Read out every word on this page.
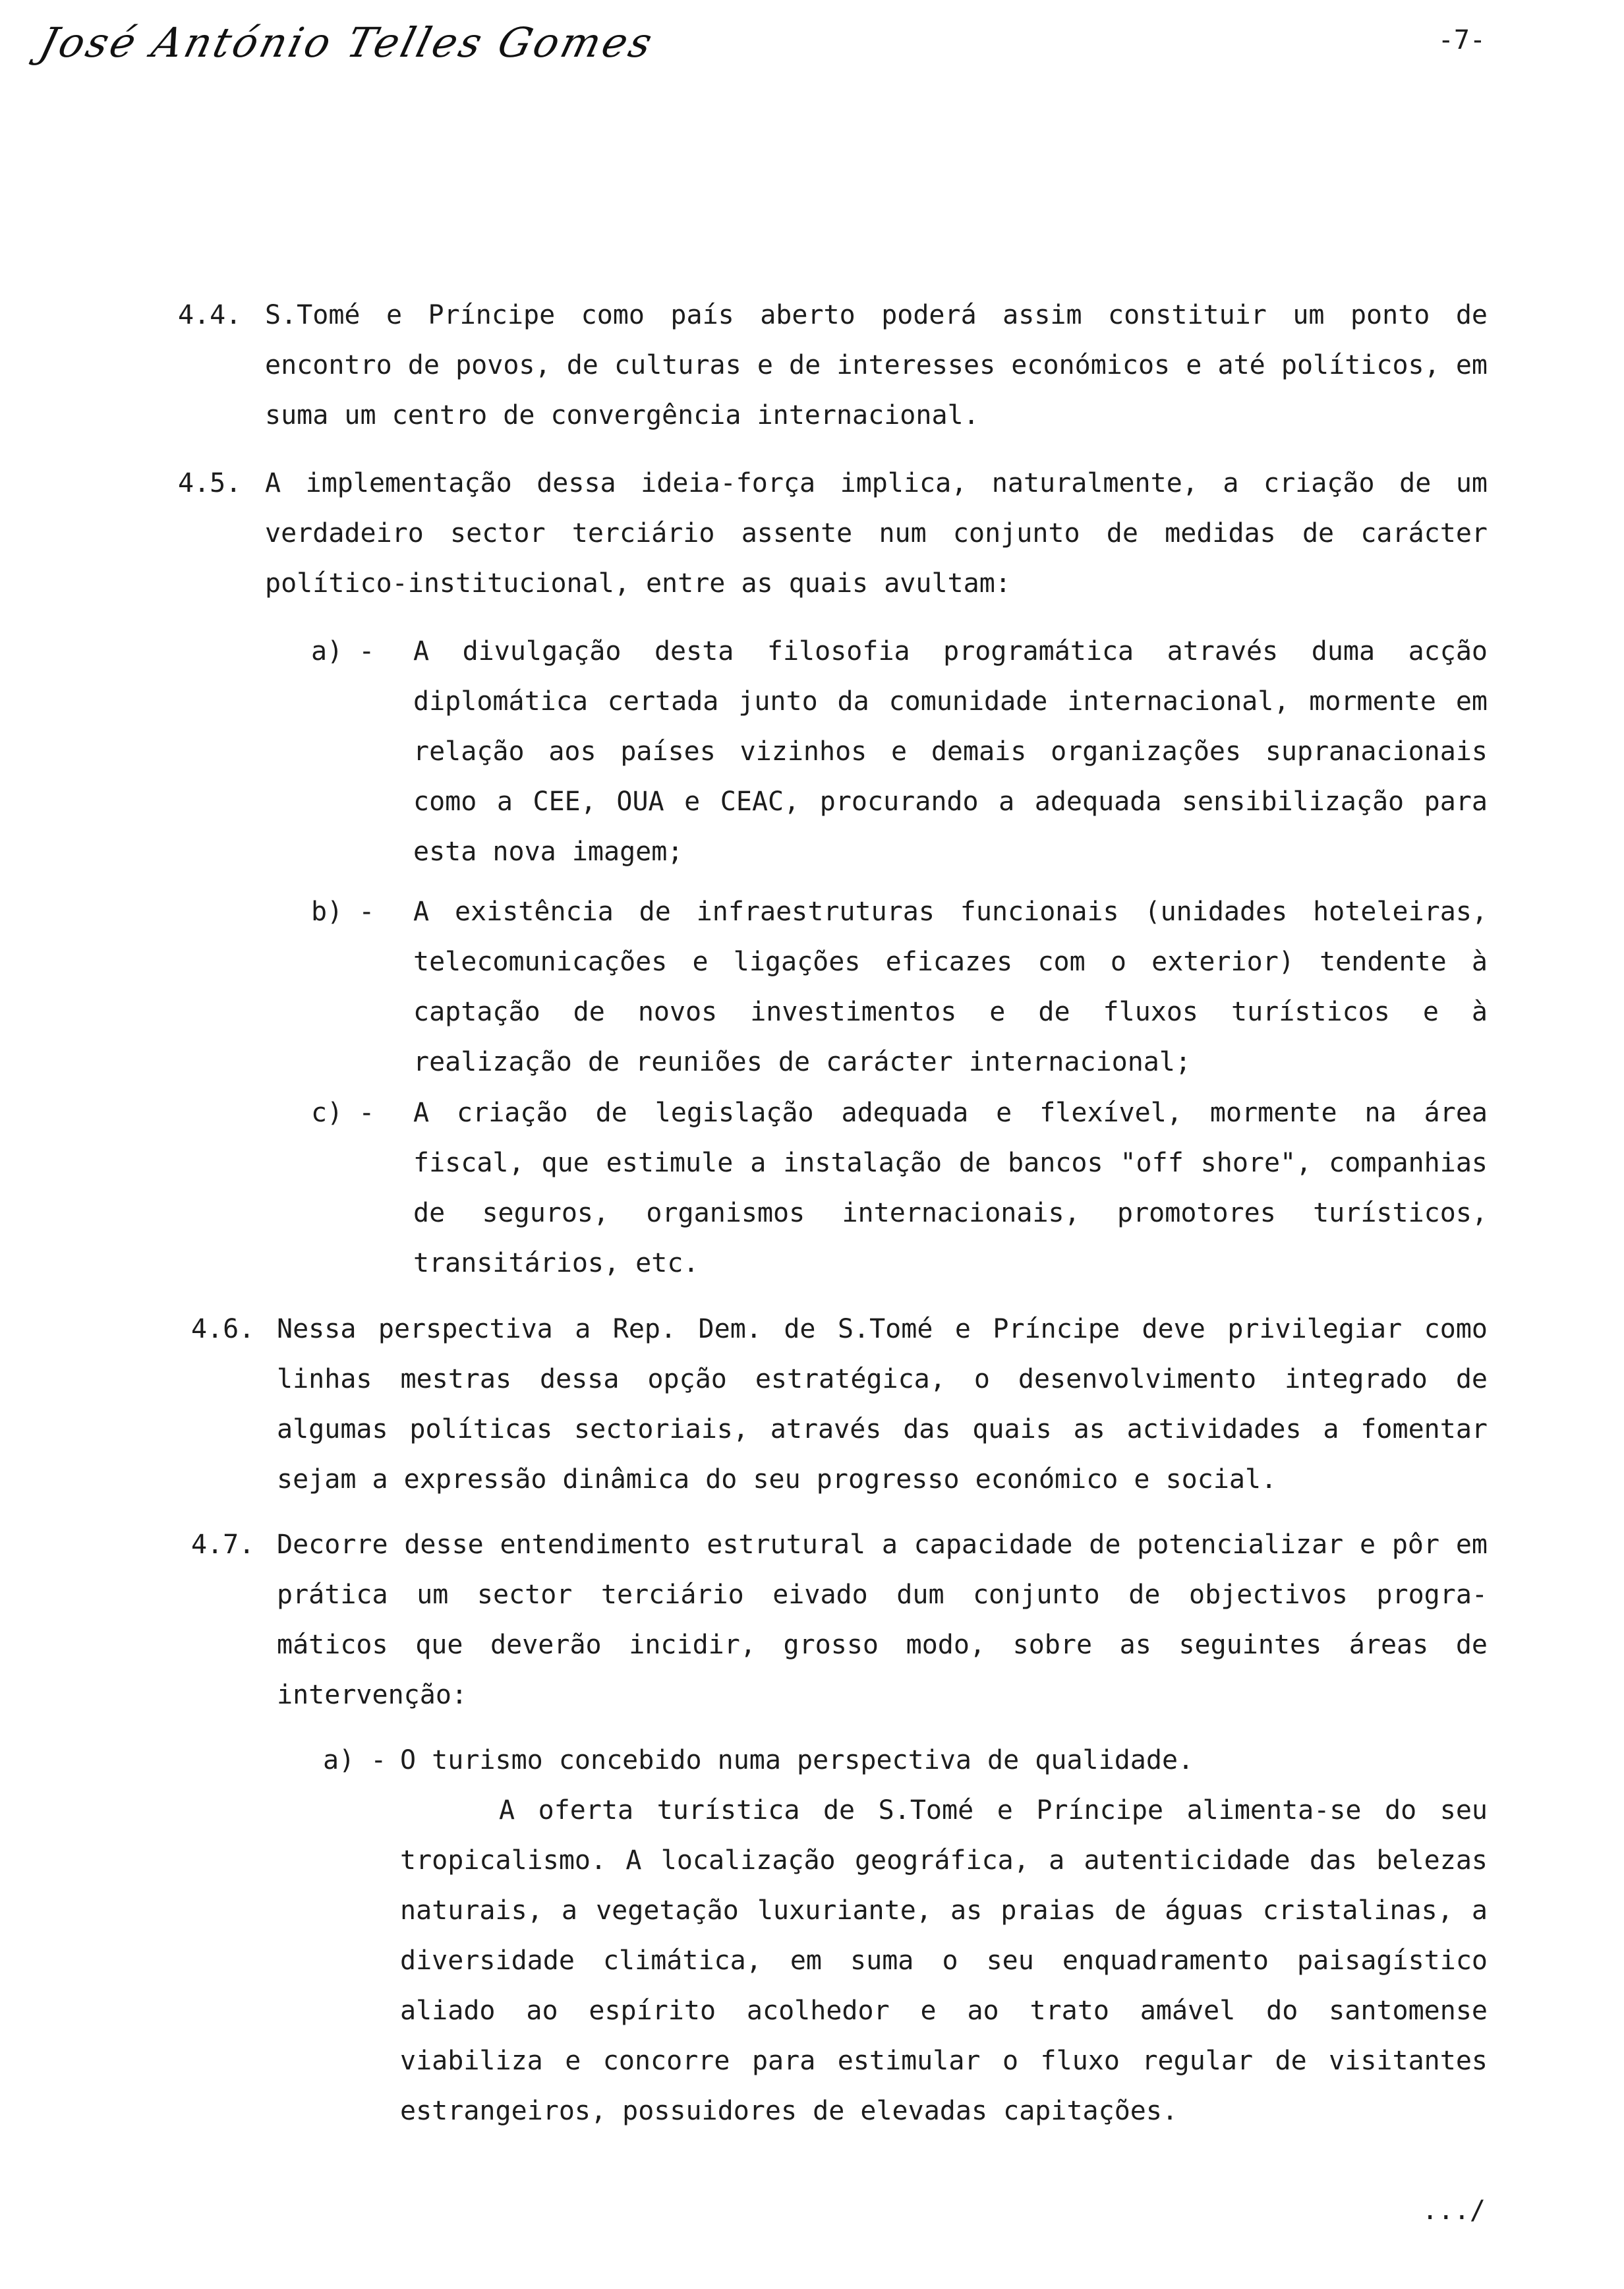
José António Telles Gomes	-7-
4.4. S.Tomé e Príncipe como país aberto poderá assim constituir um ponto de encontro de povos, de culturas e de interesses económicos e até políticos, em suma um centro de convergência internacional.

4.5. A implementação dessa ideia-força implica, naturalmente, a criação de um verdadeiro sector terciário assente num conjunto de medidas de carácter político-institucional, entre as quais avultam:

a) - A divulgação desta filosofia programática através duma acção diplomática certada junto da comunidade internacional, mormente em relação aos países vizinhos e demais organizações supranacionais como a CEE, OUA e CEAC, procurando a adequada sensibilização para esta nova imagem;
b) - A existência de infraestruturas funcionais (unidades hoteleiras, telecomunicações e ligações eficazes com o exterior) tendente à captação de novos investimentos e de fluxos turísticos e à realização de reuniões de carácter internacional;
c) - A criação de legislação adequada e flexível, mormente na área fiscal, que estimule a instalação de bancos "off shore", companhias de seguros, organismos internacionais, promotores turísticos, transitários, etc.
4.6. Nessa perspectiva a Rep. Dem. de S.Tomé e Príncipe deve privilegiar como linhas mestras dessa opção estratégica, o desenvolvimento integrado de algumas políticas sectoriais, através das quais as actividades a fomentar sejam a expressão dinâmica do seu progresso económico e social.

4.7. Decorre desse entendimento estrutural a capacidade de potencializar e pôr em prática um sector terciário eivado dum conjunto de objectivos progra- máticos que deverão incidir, grosso modo, sobre as seguintes áreas de intervenção:

a) - O turismo concebido numa perspectiva de qualidade.
A oferta turística de S.Tomé e Príncipe alimenta-se do seu tropicalismo. A localização geográfica, a autenticidade das belezas naturais, a vegetação luxuriante, as praias de águas cristalinas, a diversidade climática, em suma o seu enquadramento paisagístico aliado ao espírito acolhedor e ao trato amável do santomense viabiliza e concorre para estimular o fluxo regular de visitantes estrangeiros, possuidores de elevadas capitações.
.../
